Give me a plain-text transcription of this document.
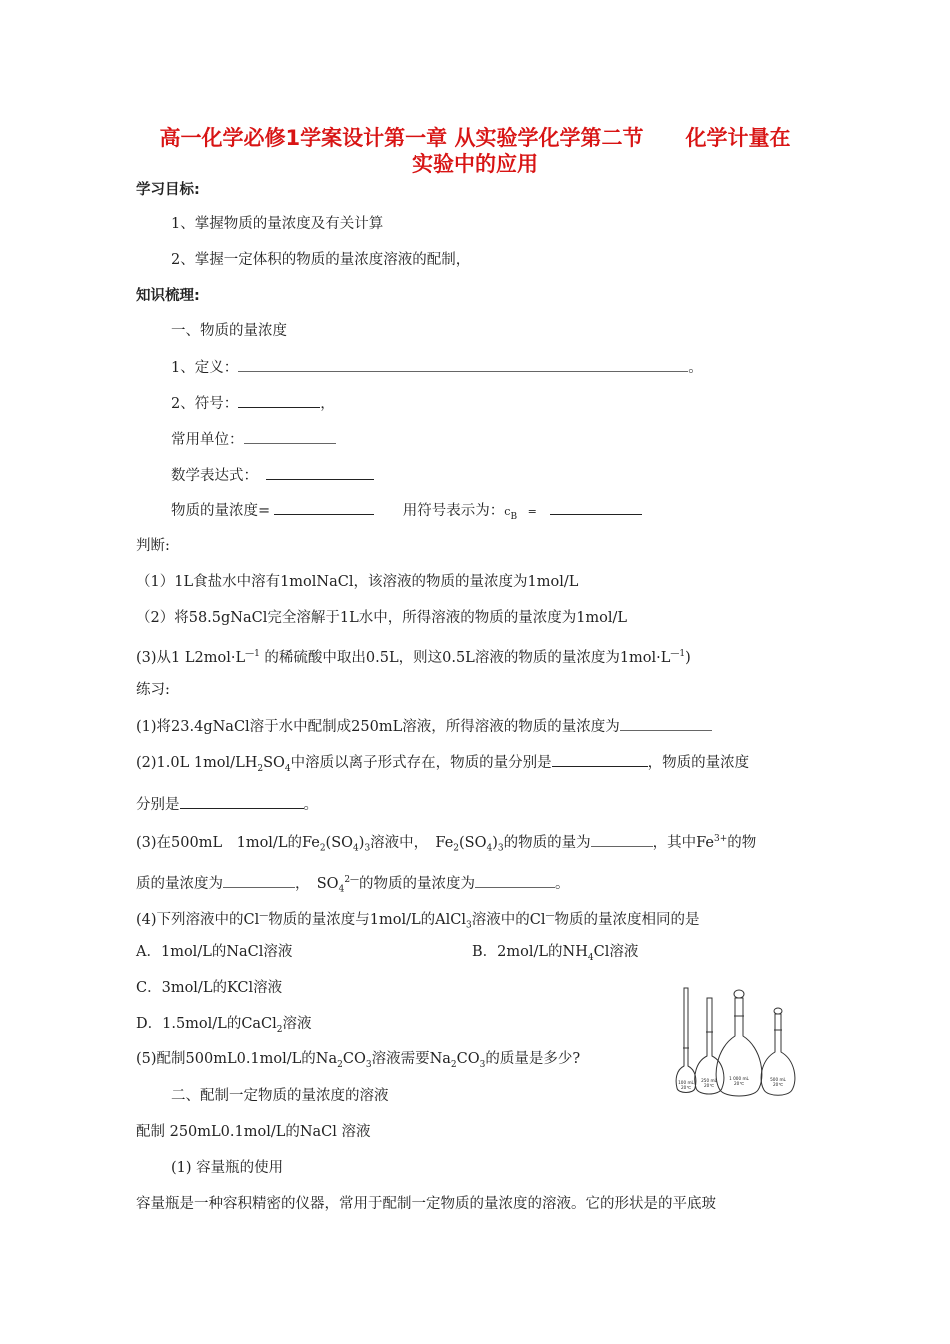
高一化学必修1学案设计第一章 从实验学化学第二节　　化学计量在
实验中的应用
学习目标:
1、掌握物质的量浓度及有关计算
2、掌握一定体积的物质的量浓度溶液的配制，
知识梳理:
一、物质的量浓度
1、定义：	。
2、符号：	，
常用单位：
数学表达式：
物质的量浓度=	用符号表示为：$c_B$ =
判断:
（1）1L食盐水中溶有1molNaCl，该溶液的物质的量浓度为1mol/L
（2）将58.5gNaCl完全溶解于1L水中，所得溶液的物质的量浓度为1mol/L
(3)从1 $L2mol\cdot L^{—1}$ 的稀硫酸中取出0.5L，则这0.5L溶液的物质的量浓度为$1mol\cdot L^{—1}$)
练习:
(1)将23.4gNaCl溶于水中配制成250mL溶液，所得溶液的物质的量浓度为
(2)1.0L $1mol/LH_2SO_4$中溶质以离子形式存在，物质的量分别是	，物质的量浓度
分别是	。
(3)在500mL　1mol/L的$Fe_2(SO_4)_3$溶液中，　$Fe_2(SO_4)_3$的物质的量为	，其中$Fe^{3+}$的物
质的量浓度为	，　$SO_4^{2—}$的物质的量浓度为	。
(4)下列溶液中的Cl—物质的量浓度与1mol/L的AlCl$_3$溶液中的Cl—物质的量浓度相同的是
A．1mol/L的NaCl溶液	B．2mol/L的$NH_4Cl$溶液
C．3mol/L的KCl溶液
D．1.5mol/L的CaCl$_2$溶液
(5)配制500mL0.1mol/L的$Na_2CO_3$溶液需要$Na_2CO_3$的质量是多少?
二、配制一定物质的量浓度的溶液
配制 250mL0.1mol/L的NaCl 溶液
(1) 容量瓶的使用
容量瓶是一种容积精密的仪器，常用于配制一定物质的量浓度的溶液。它的形状是的平底玻
100 mL
20℃
250 mL
20℃
1 000 mL
20℃
500 mL
20℃
